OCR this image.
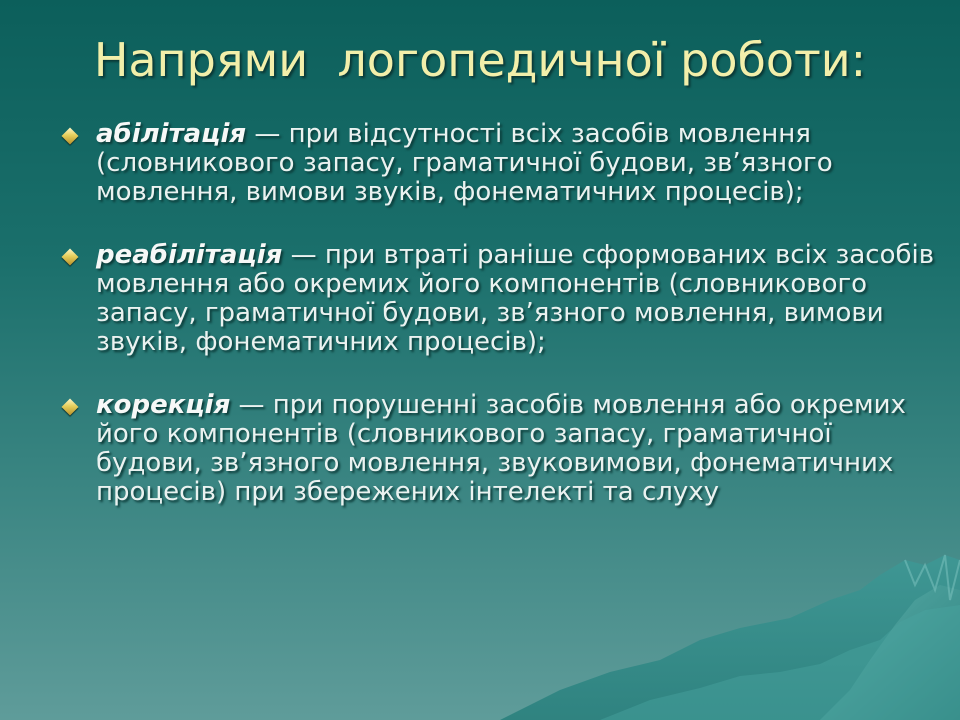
Напрями  логопедичної роботи:
абілітація — при відсутності всіх засобів мовлення (словникового запасу, граматичної будови, зв’язного мовлення, вимови звуків, фонематичних процесів);
реабілітація — при втраті раніше сформованих всіх засобів мовлення або окремих його компонентів (словникового запасу, граматичної будови, зв’язного мовлення, вимови звуків, фонематичних процесів);
корекція — при порушенні засобів мовлення або окремих його компонентів (словникового запасу, граматичної будови, зв’язного мовлення, звуковимови, фонематичних процесів) при збережених інтелекті та слуху
